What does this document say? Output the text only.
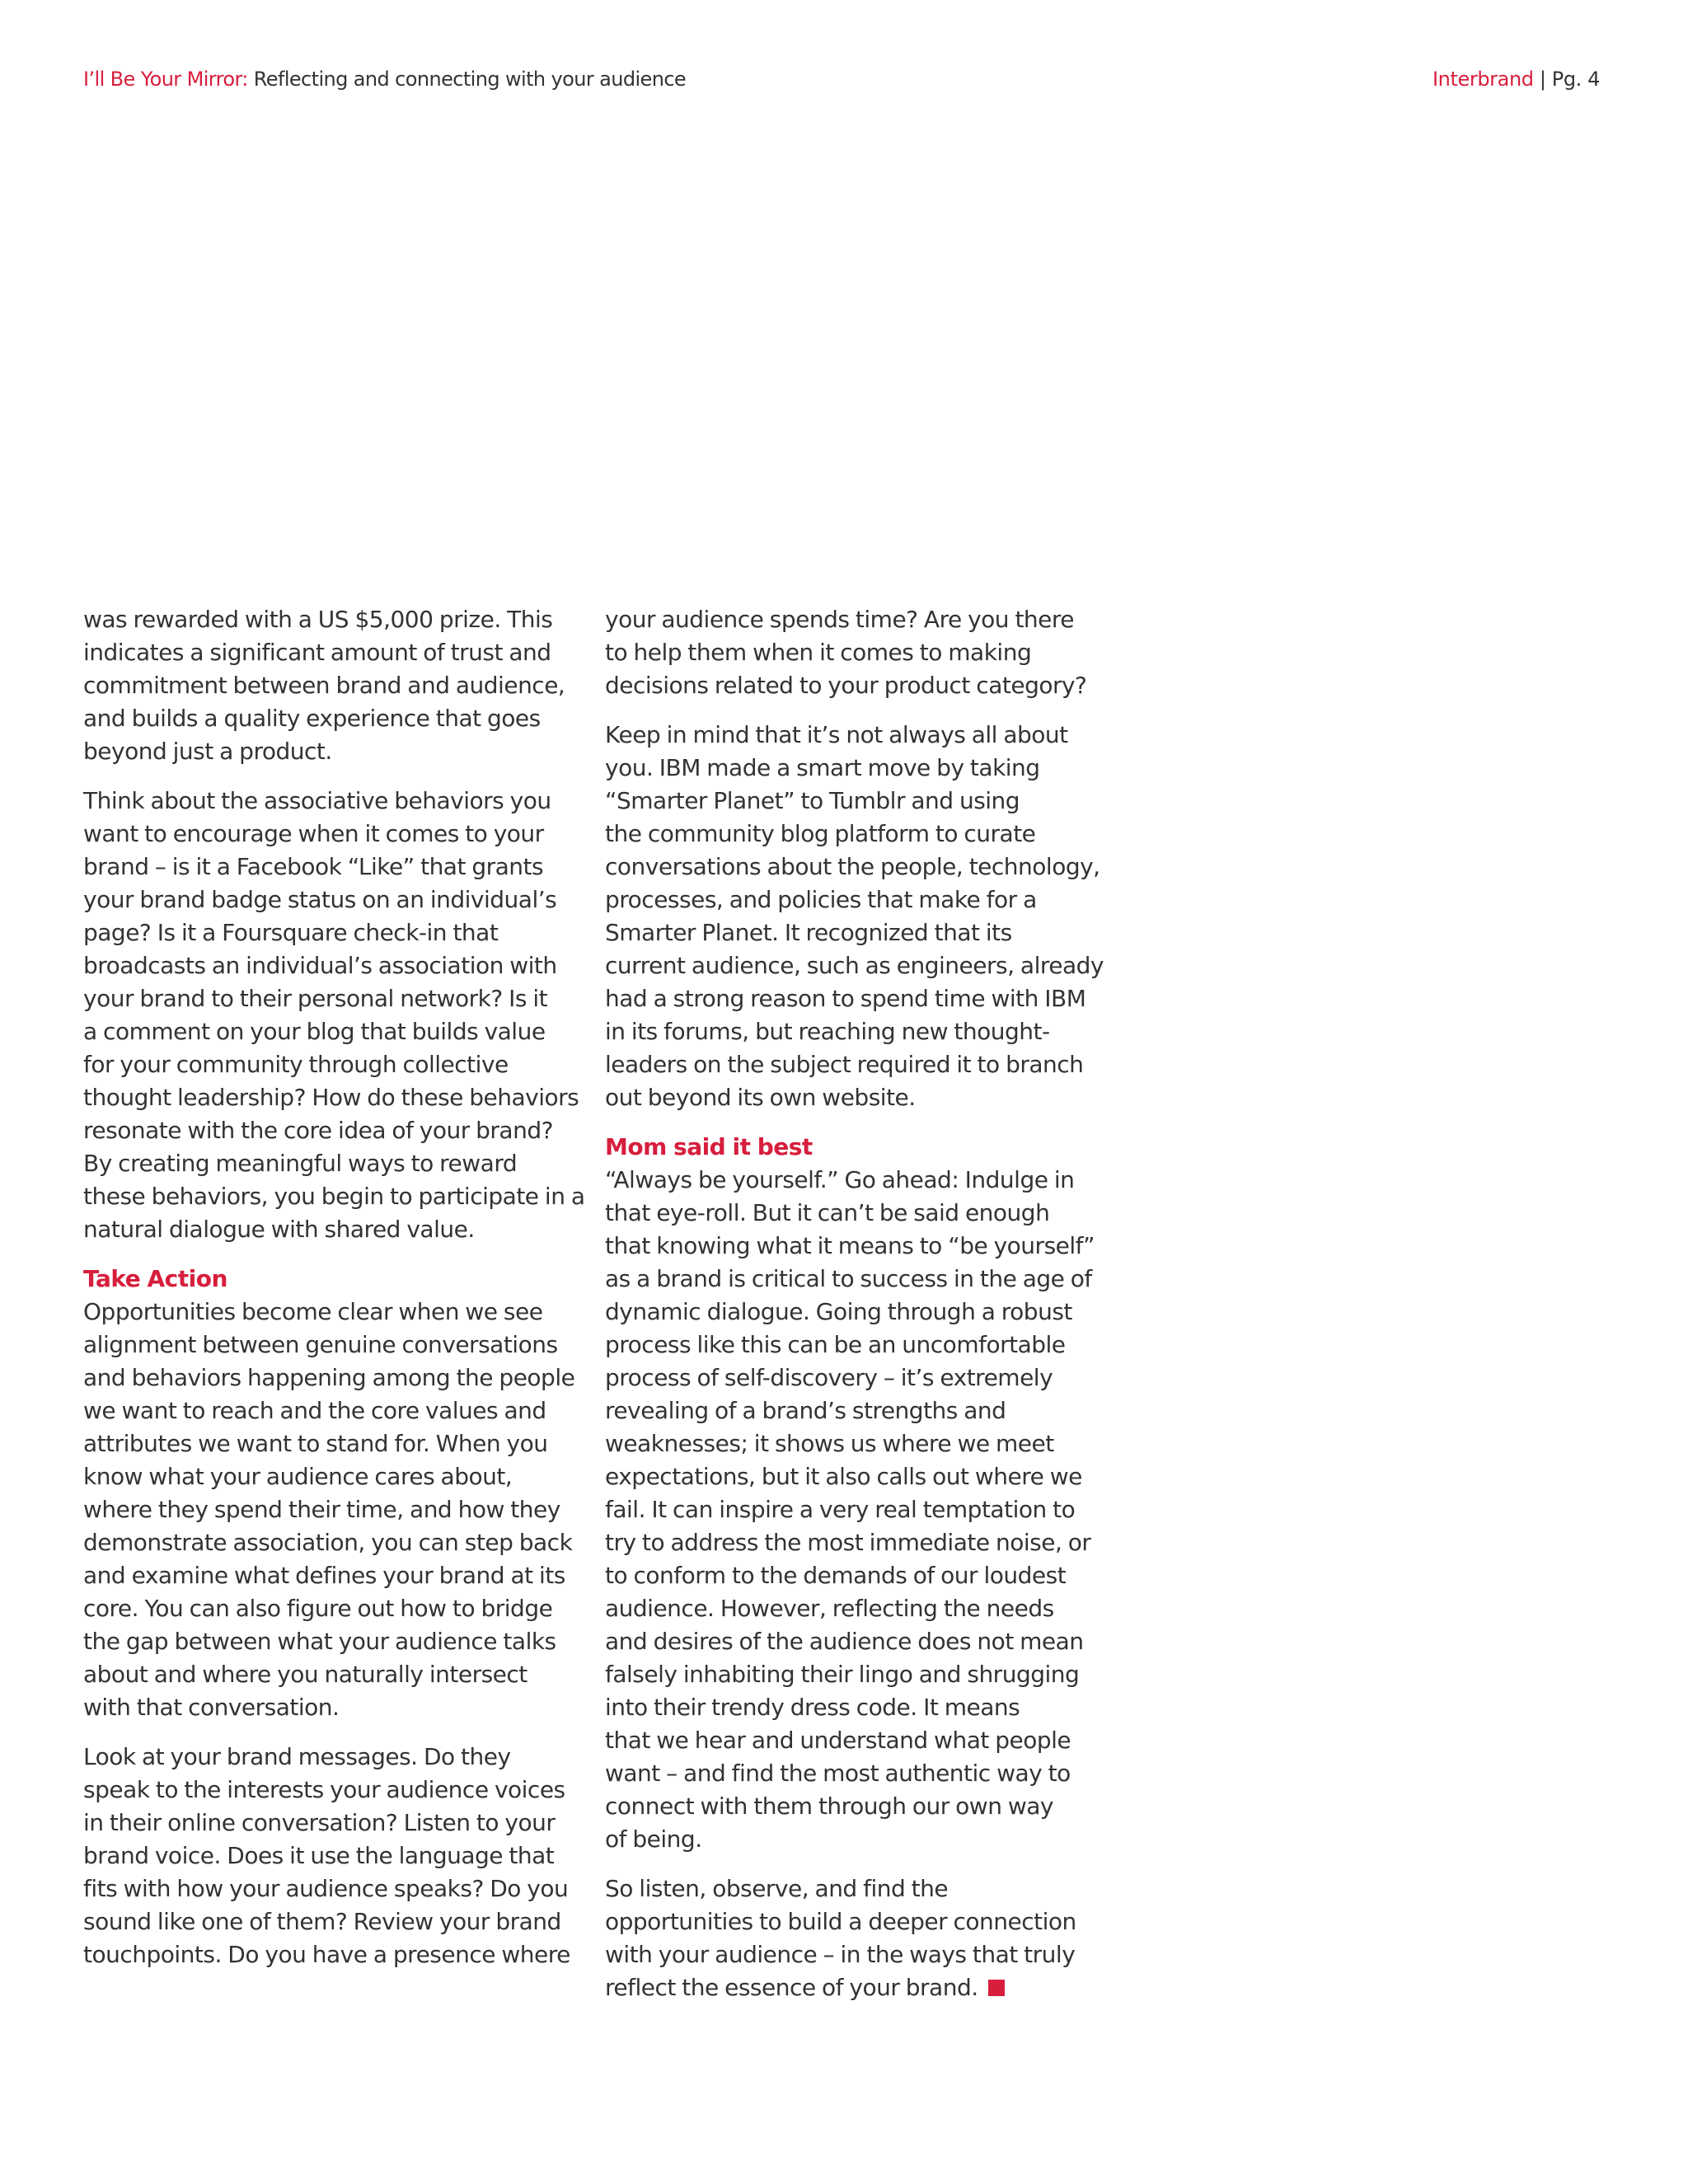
I’ll Be Your Mirror: Reflecting and connecting with your audience	Interbrand | Pg. 4
was rewarded with a US $5,000 prize. This
indicates a significant amount of trust and
commitment between brand and audience,
and builds a quality experience that goes
beyond just a product.
Think about the associative behaviors you
want to encourage when it comes to your
brand – is it a Facebook “Like” that grants
your brand badge status on an individual’s
page? Is it a Foursquare check-in that
broadcasts an individual’s association with
your brand to their personal network? Is it
a comment on your blog that builds value
for your community through collective
thought leadership? How do these behaviors
resonate with the core idea of your brand?
By creating meaningful ways to reward
these behaviors, you begin to participate in a
natural dialogue with shared value.
Take Action
Opportunities become clear when we see
alignment between genuine conversations
and behaviors happening among the people
we want to reach and the core values and
attributes we want to stand for. When you
know what your audience cares about,
where they spend their time, and how they
demonstrate association, you can step back
and examine what defines your brand at its
core. You can also figure out how to bridge
the gap between what your audience talks
about and where you naturally intersect
with that conversation.
Look at your brand messages. Do they
speak to the interests your audience voices
in their online conversation? Listen to your
brand voice. Does it use the language that
fits with how your audience speaks? Do you
sound like one of them? Review your brand
touchpoints. Do you have a presence where
your audience spends time? Are you there
to help them when it comes to making
decisions related to your product category?
Keep in mind that it’s not always all about
you. IBM made a smart move by taking
“Smarter Planet” to Tumblr and using
the community blog platform to curate
conversations about the people, technology,
processes, and policies that make for a
Smarter Planet. It recognized that its
current audience, such as engineers, already
had a strong reason to spend time with IBM
in its forums, but reaching new thought-
leaders on the subject required it to branch
out beyond its own website.
Mom said it best
“Always be yourself.” Go ahead: Indulge in
that eye-roll. But it can’t be said enough
that knowing what it means to “be yourself”
as a brand is critical to success in the age of
dynamic dialogue. Going through a robust
process like this can be an uncomfortable
process of self-discovery – it’s extremely
revealing of a brand’s strengths and
weaknesses; it shows us where we meet
expectations, but it also calls out where we
fail. It can inspire a very real temptation to
try to address the most immediate noise, or
to conform to the demands of our loudest
audience. However, reflecting the needs
and desires of the audience does not mean
falsely inhabiting their lingo and shrugging
into their trendy dress code. It means
that we hear and understand what people
want – and find the most authentic way to
connect with them through our own way
of being.
So listen, observe, and find the
opportunities to build a deeper connection
with your audience – in the ways that truly
reflect the essence of your brand.
